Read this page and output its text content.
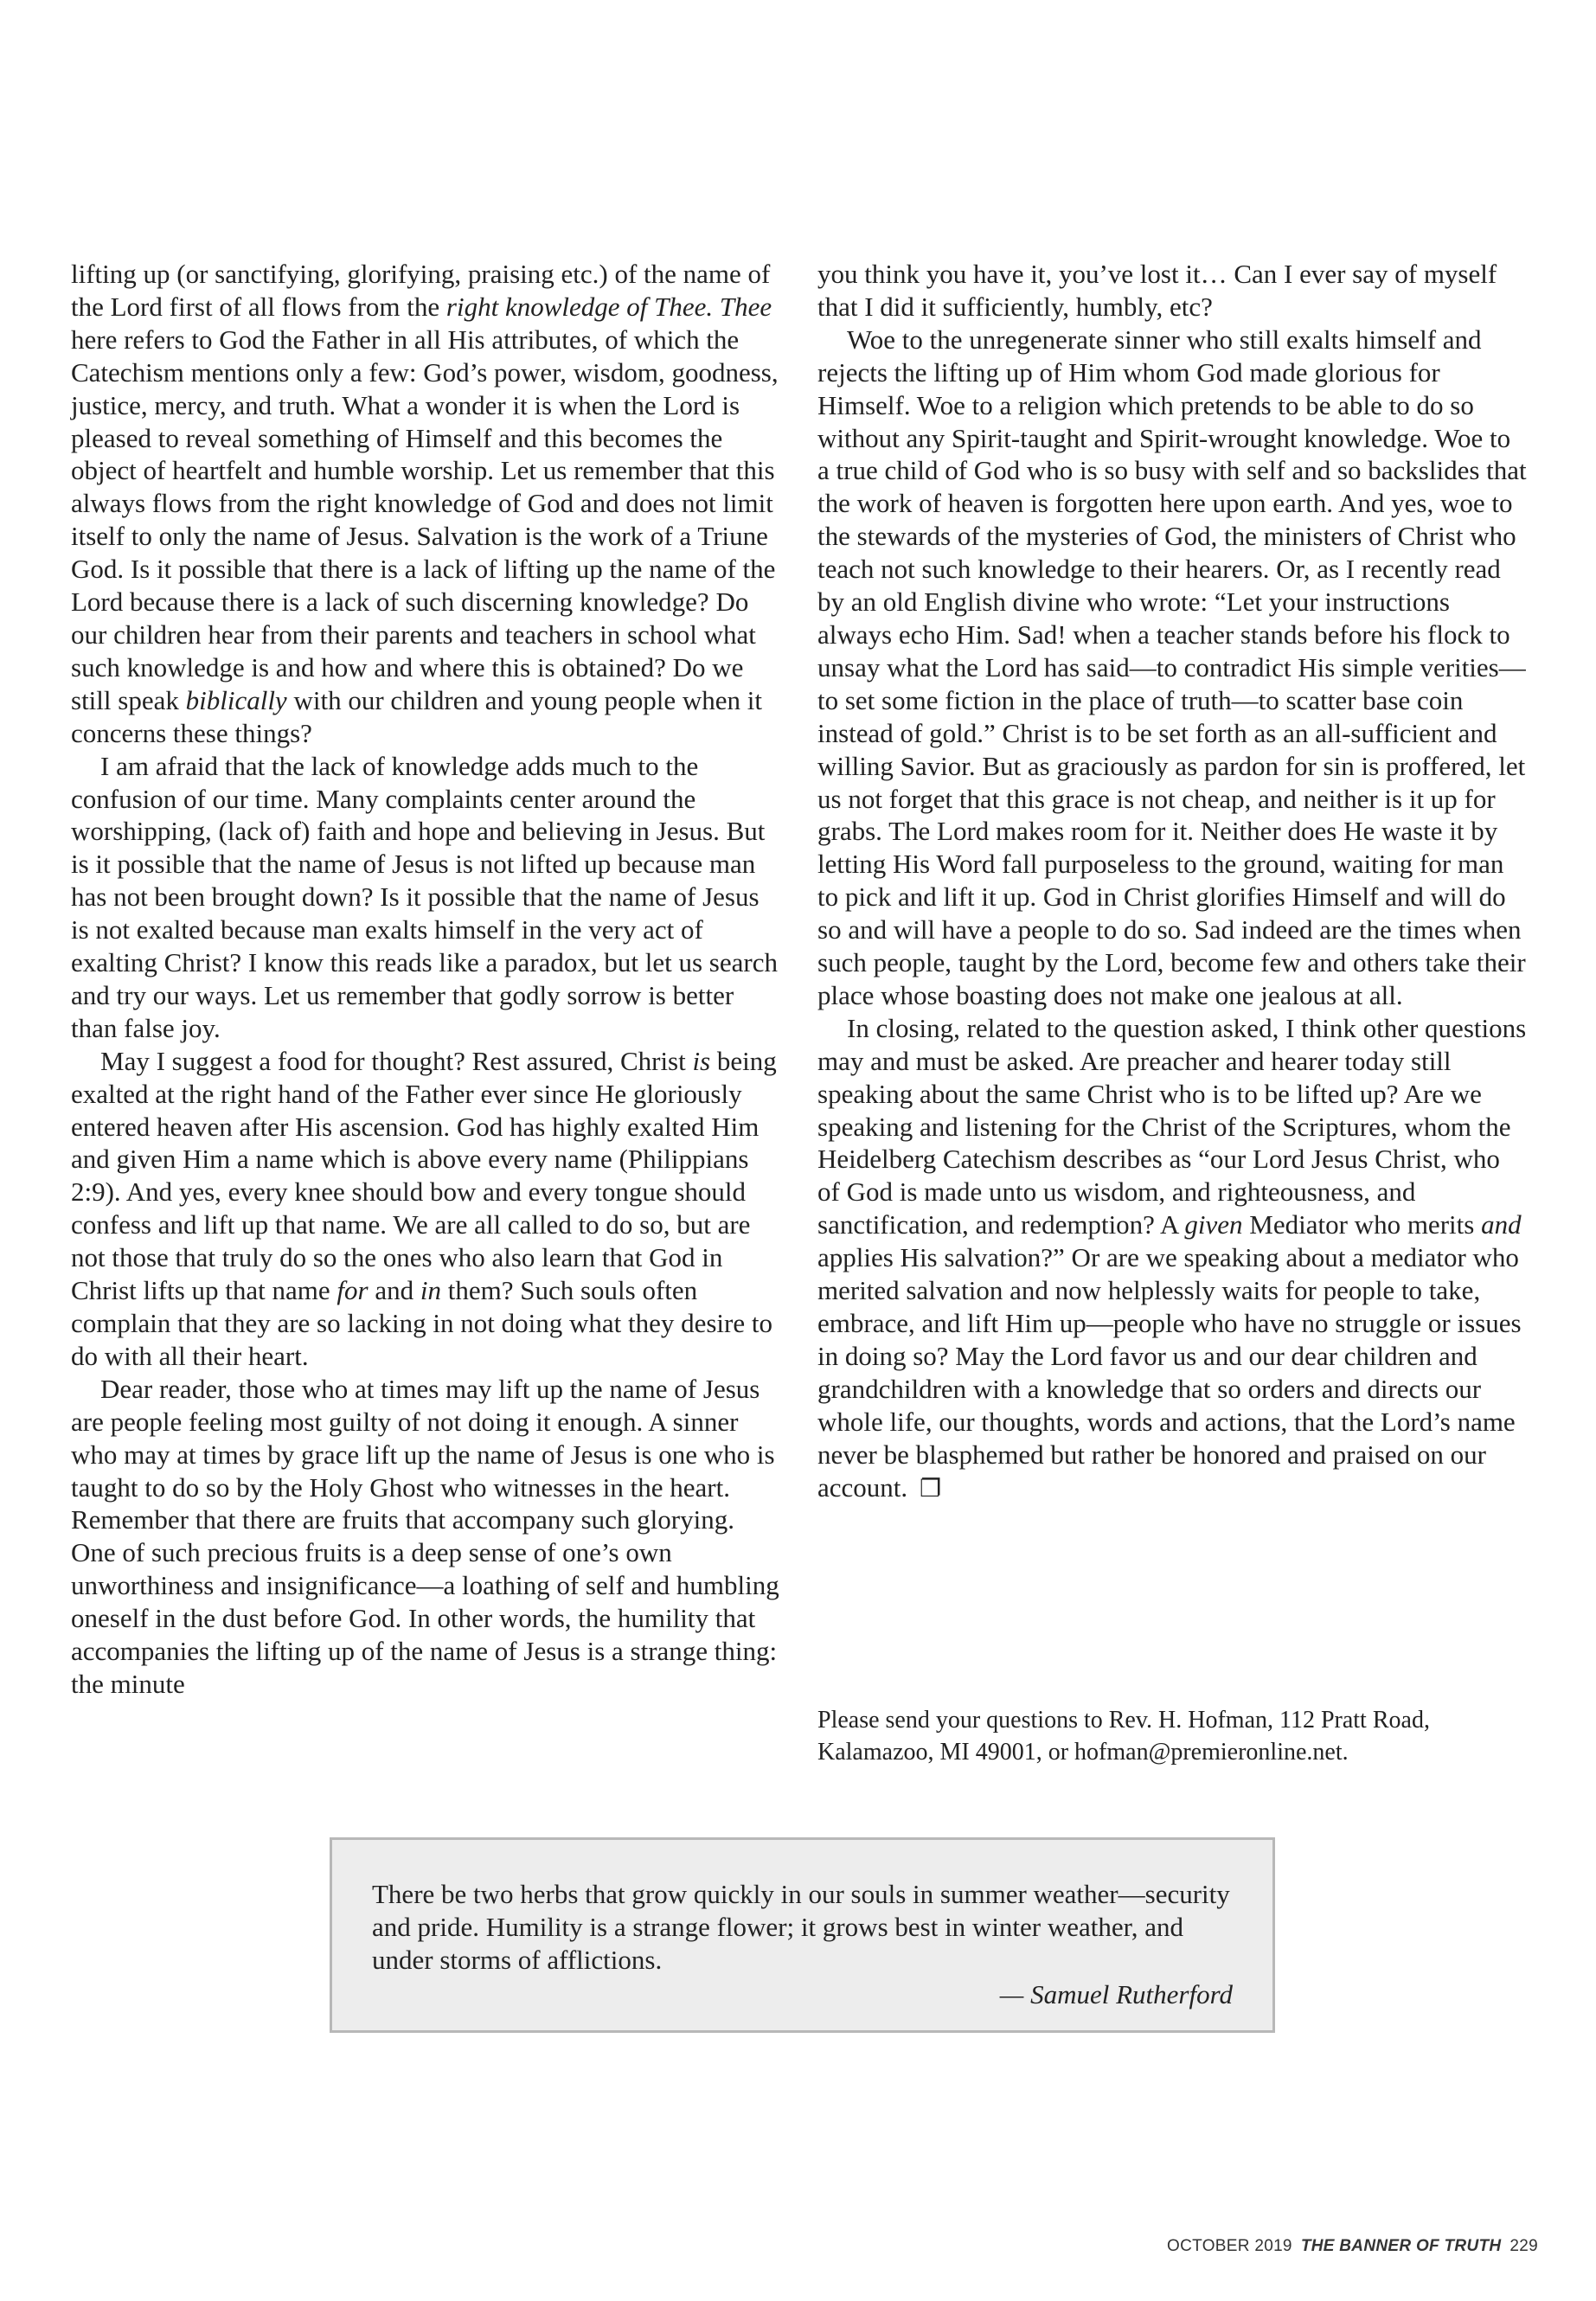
lifting up (or sanctifying, glorifying, praising etc.) of the name of the Lord first of all flows from the right knowledge of Thee. Thee here refers to God the Father in all His attributes, of which the Catechism mentions only a few: God’s power, wisdom, goodness, justice, mercy, and truth. What a wonder it is when the Lord is pleased to reveal something of Himself and this becomes the object of heartfelt and humble worship. Let us remember that this always flows from the right knowledge of God and does not limit itself to only the name of Jesus. Salvation is the work of a Triune God. Is it possible that there is a lack of lifting up the name of the Lord because there is a lack of such discerning knowledge? Do our children hear from their parents and teachers in school what such knowledge is and how and where this is obtained? Do we still speak biblically with our children and young people when it concerns these things?

I am afraid that the lack of knowledge adds much to the confusion of our time. Many complaints center around the worshipping, (lack of) faith and hope and believing in Jesus. But is it possible that the name of Jesus is not lifted up because man has not been brought down? Is it possible that the name of Jesus is not exalted because man exalts himself in the very act of exalting Christ? I know this reads like a paradox, but let us search and try our ways. Let us remember that godly sorrow is better than false joy.

May I suggest a food for thought? Rest assured, Christ is being exalted at the right hand of the Father ever since He gloriously entered heaven after His ascension. God has highly exalted Him and given Him a name which is above every name (Philippians 2:9). And yes, every knee should bow and every tongue should confess and lift up that name. We are all called to do so, but are not those that truly do so the ones who also learn that God in Christ lifts up that name for and in them? Such souls often complain that they are so lacking in not doing what they desire to do with all their heart.

Dear reader, those who at times may lift up the name of Jesus are people feeling most guilty of not doing it enough. A sinner who may at times by grace lift up the name of Jesus is one who is taught to do so by the Holy Ghost who witnesses in the heart. Remember that there are fruits that accompany such glorying. One of such precious fruits is a deep sense of one’s own unworthiness and insignificance—a loathing of self and humbling oneself in the dust before God. In other words, the humility that accompanies the lifting up of the name of Jesus is a strange thing: the minute

you think you have it, you’ve lost it… Can I ever say of myself that I did it sufficiently, humbly, etc?

Woe to the unregenerate sinner who still exalts himself and rejects the lifting up of Him whom God made glorious for Himself. Woe to a religion which pretends to be able to do so without any Spirit-taught and Spirit-wrought knowledge. Woe to a true child of God who is so busy with self and so backslides that the work of heaven is forgotten here upon earth. And yes, woe to the stewards of the mysteries of God, the ministers of Christ who teach not such knowledge to their hearers. Or, as I recently read by an old English divine who wrote: “Let your instructions always echo Him. Sad! when a teacher stands before his flock to unsay what the Lord has said—to contradict His simple verities—to set some fiction in the place of truth—to scatter base coin instead of gold.” Christ is to be set forth as an all-sufficient and willing Savior. But as graciously as pardon for sin is proffered, let us not forget that this grace is not cheap, and neither is it up for grabs. The Lord makes room for it. Neither does He waste it by letting His Word fall purposeless to the ground, waiting for man to pick and lift it up. God in Christ glorifies Himself and will do so and will have a people to do so. Sad indeed are the times when such people, taught by the Lord, become few and others take their place whose boasting does not make one jealous at all.

In closing, related to the question asked, I think other questions may and must be asked. Are preacher and hearer today still speaking about the same Christ who is to be lifted up? Are we speaking and listening for the Christ of the Scriptures, whom the Heidelberg Catechism describes as “our Lord Jesus Christ, who of God is made unto us wisdom, and righteousness, and sanctification, and redemption? A given Mediator who merits and applies His salvation?” Or are we speaking about a mediator who merited salvation and now helplessly waits for people to take, embrace, and lift Him up—people who have no struggle or issues in doing so? May the Lord favor us and our dear children and grandchildren with a knowledge that so orders and directs our whole life, our thoughts, words and actions, that the Lord’s name never be blasphemed but rather be honored and praised on our account. ❐

Please send your questions to Rev. H. Hofman, 112 Pratt Road, Kalamazoo, MI 49001, or hofman@premieronline.net.
There be two herbs that grow quickly in our souls in summer weather—security and pride. Humility is a strange flower; it grows best in winter weather, and under storms of afflictions.
— Samuel Rutherford
OCTOBER 2019 THE BANNER OF TRUTH 229
